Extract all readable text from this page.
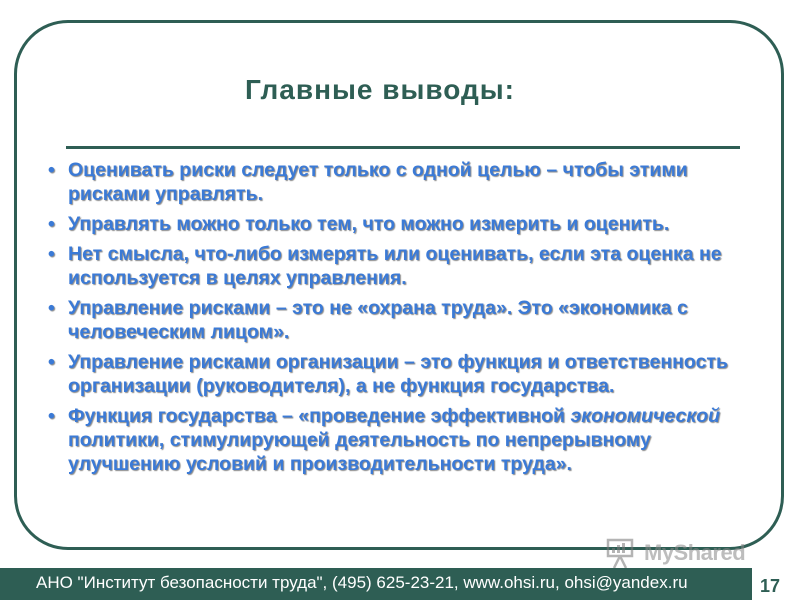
Главные выводы:
• Оценивать риски следует только с одной целью – чтобы этими рисками управлять.
• Управлять можно только тем, что можно измерить и оценить.
• Нет смысла, что-либо измерять или оценивать, если эта оценка не используется в целях управления.
• Управление рисками – это не «охрана труда». Это «экономика с человеческим лицом».
• Управление рисками организации – это функция и ответственность организации (руководителя), а не функция государства.
• Функция государства – «проведение эффективной экономической политики, стимулирующей деятельность по непрерывному улучшению условий и производительности труда».
MyShared
АНО "Институт безопасности труда", (495) 625-23-21, www.ohsi.ru, ohsi@yandex.ru	17
